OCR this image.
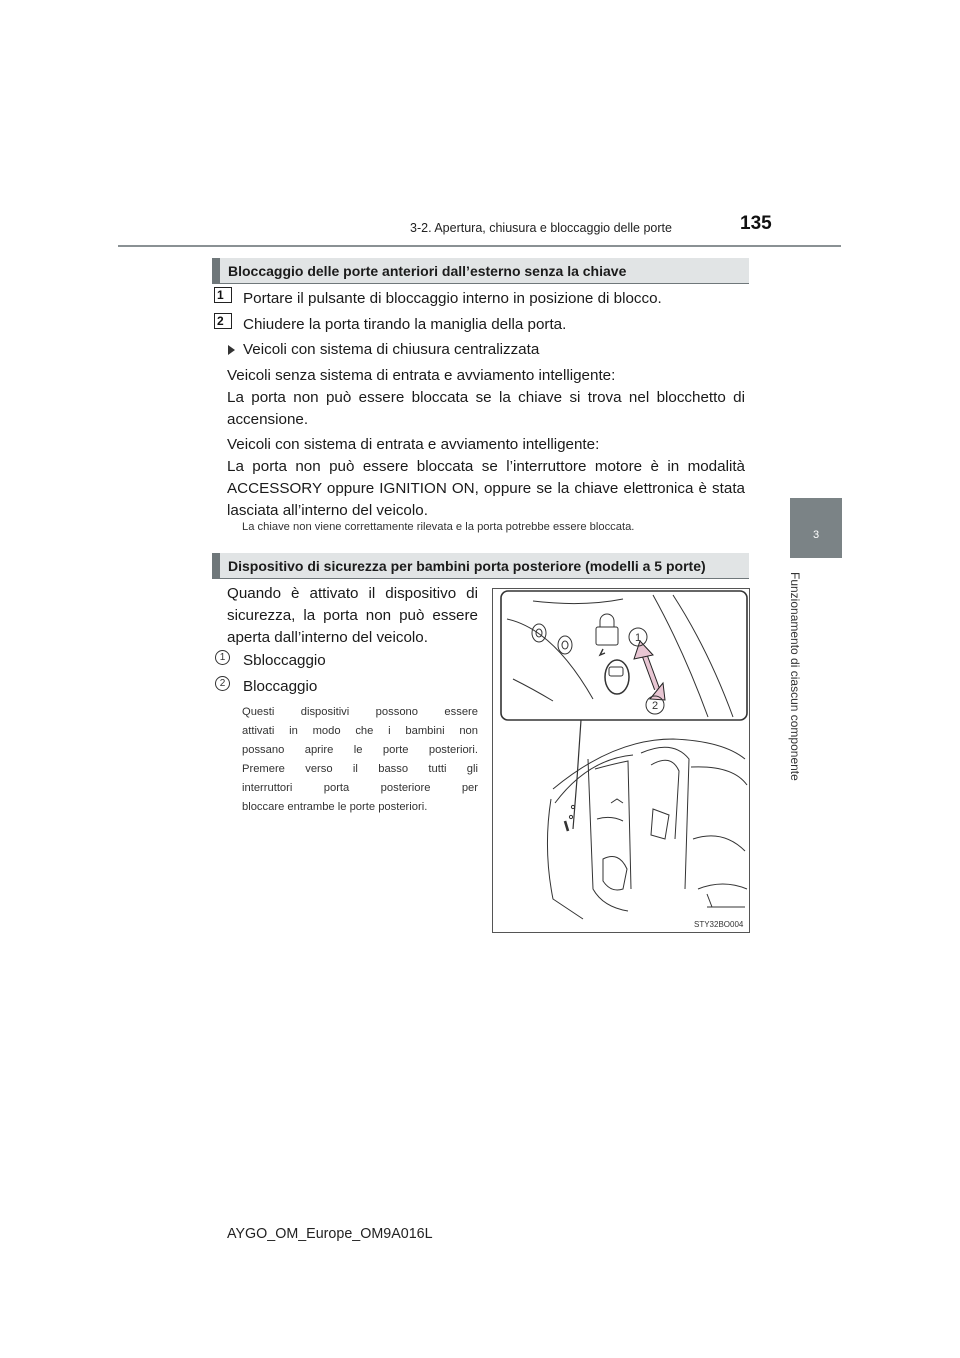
3-2. Apertura, chiusura e bloccaggio delle porte	135
3
Funzionamento di ciascun componente
Bloccaggio delle porte anteriori dall’esterno senza la chiave
1	Portare il pulsante di bloccaggio interno in posizione di blocco.
2	Chiudere la porta tirando la maniglia della porta.
Veicoli con sistema di chiusura centralizzata
Veicoli senza sistema di entrata e avviamento intelligente:
La porta non può essere bloccata se la chiave si trova nel blocchetto di
accensione.
Veicoli con sistema di entrata e avviamento intelligente:
La porta non può essere bloccata se l’interruttore motore è in modalità
ACCESSORY oppure IGNITION ON, oppure se la chiave elettronica è stata
lasciata all’interno del veicolo.
La chiave non viene correttamente rilevata e la porta potrebbe essere bloccata.
Dispositivo di sicurezza per bambini porta posteriore (modelli a 5 porte)
Quando è attivato il dispositivo di
sicurezza, la porta non può essere
aperta dall’interno del veicolo.
1	Sbloccaggio
2	Bloccaggio
Questi dispositivi possono essere
attivati in modo che i bambini non
possano aprire le porte posteriori.
Premere verso il basso tutti gli
interruttori porta posteriore per
bloccare entrambe le porte posteriori.
1
2
STY32BO004
AYGO_OM_Europe_OM9A016L
